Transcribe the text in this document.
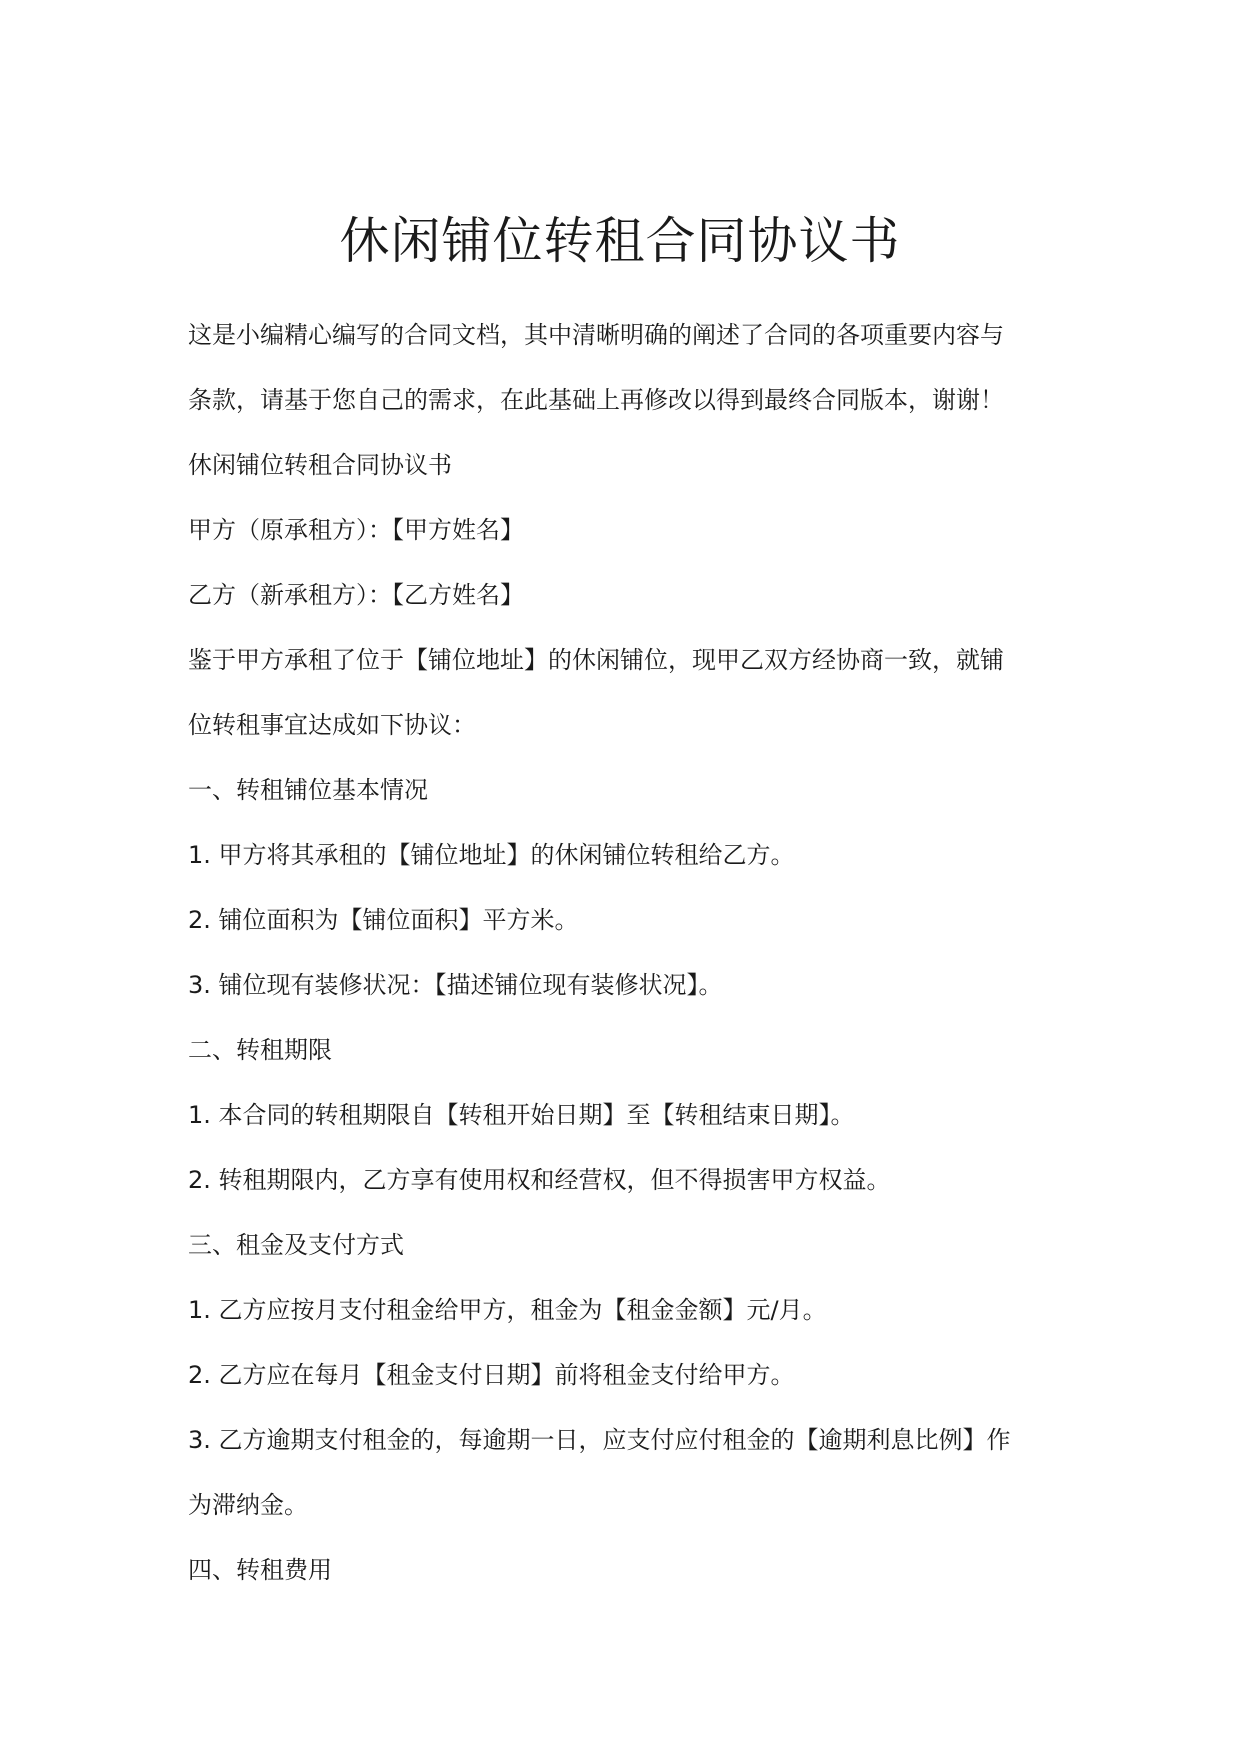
休闲铺位转租合同协议书

这是小编精心编写的合同文档，其中清晰明确的阐述了合同的各项重要内容与

条款，请基于您自己的需求，在此基础上再修改以得到最终合同版本，谢谢！

休闲铺位转租合同协议书

甲方（原承租方）：【甲方姓名】

乙方（新承租方）：【乙方姓名】

鉴于甲方承租了位于【铺位地址】的休闲铺位，现甲乙双方经协商一致，就铺

位转租事宜达成如下协议：

一、转租铺位基本情况

1. 甲方将其承租的【铺位地址】的休闲铺位转租给乙方。

2. 铺位面积为【铺位面积】平方米。

3. 铺位现有装修状况：【描述铺位现有装修状况】。

二、转租期限

1. 本合同的转租期限自【转租开始日期】至【转租结束日期】。

2. 转租期限内，乙方享有使用权和经营权，但不得损害甲方权益。

三、租金及支付方式

1. 乙方应按月支付租金给甲方，租金为【租金金额】元/月。

2. 乙方应在每月【租金支付日期】前将租金支付给甲方。

3. 乙方逾期支付租金的，每逾期一日，应支付应付租金的【逾期利息比例】作

为滞纳金。

四、转租费用
